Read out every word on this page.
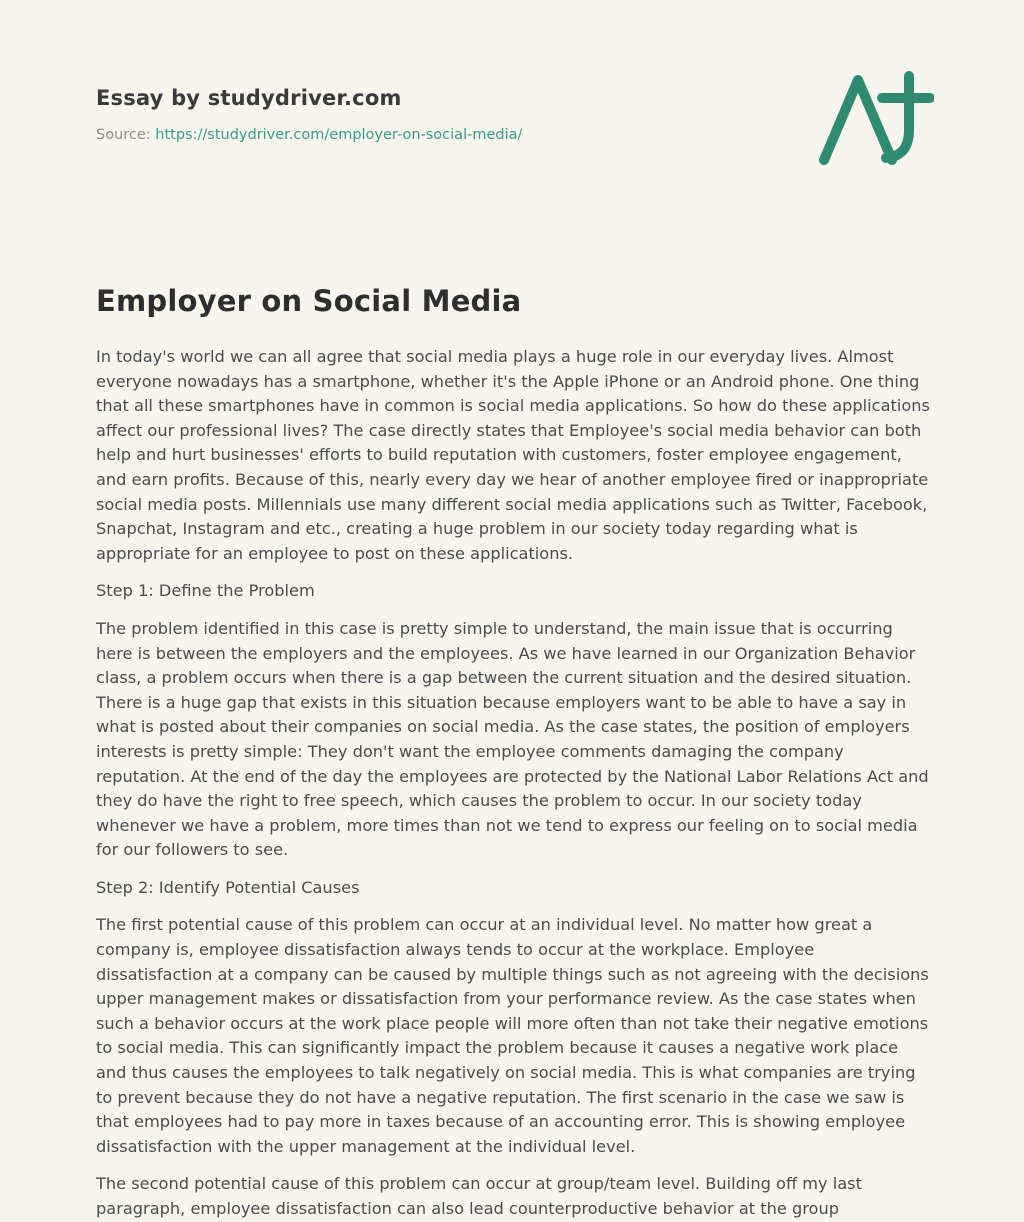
Essay by studydriver.com
Source: https://studydriver.com/employer-on-social-media/
Employer on Social Media

In today's world we can all agree that social media plays a huge role in our everyday lives. Almost everyone nowadays has a smartphone, whether it's the Apple iPhone or an Android phone. One thing that all these smartphones have in common is social media applications. So how do these applications affect our professional lives? The case directly states that Employee's social media behavior can both help and hurt businesses' efforts to build reputation with customers, foster employee engagement, and earn profits. Because of this, nearly every day we hear of another employee fired or inappropriate social media posts. Millennials use many different social media applications such as Twitter, Facebook, Snapchat, Instagram and etc., creating a huge problem in our society today regarding what is appropriate for an employee to post on these applications.

Step 1: Define the Problem

The problem identified in this case is pretty simple to understand, the main issue that is occurring here is between the employers and the employees. As we have learned in our Organization Behavior class, a problem occurs when there is a gap between the current situation and the desired situation. There is a huge gap that exists in this situation because employers want to be able to have a say in what is posted about their companies on social media. As the case states, the position of employers interests is pretty simple: They don't want the employee comments damaging the company reputation. At the end of the day the employees are protected by the National Labor Relations Act and they do have the right to free speech, which causes the problem to occur. In our society today whenever we have a problem, more times than not we tend to express our feeling on to social media for our followers to see.

Step 2: Identify Potential Causes

The first potential cause of this problem can occur at an individual level. No matter how great a company is, employee dissatisfaction always tends to occur at the workplace. Employee dissatisfaction at a company can be caused by multiple things such as not agreeing with the decisions upper management makes or dissatisfaction from your performance review. As the case states when such a behavior occurs at the work place people will more often than not take their negative emotions to social media. This can significantly impact the problem because it causes a negative work place and thus causes the employees to talk negatively on social media. This is what companies are trying to prevent because they do not have a negative reputation. The first scenario in the case we saw is that employees had to pay more in taxes because of an accounting error. This is showing employee dissatisfaction with the upper management at the individual level.

The second potential cause of this problem can occur at group/team level. Building off my last paragraph, employee dissatisfaction can also lead counterproductive behavior at the group
